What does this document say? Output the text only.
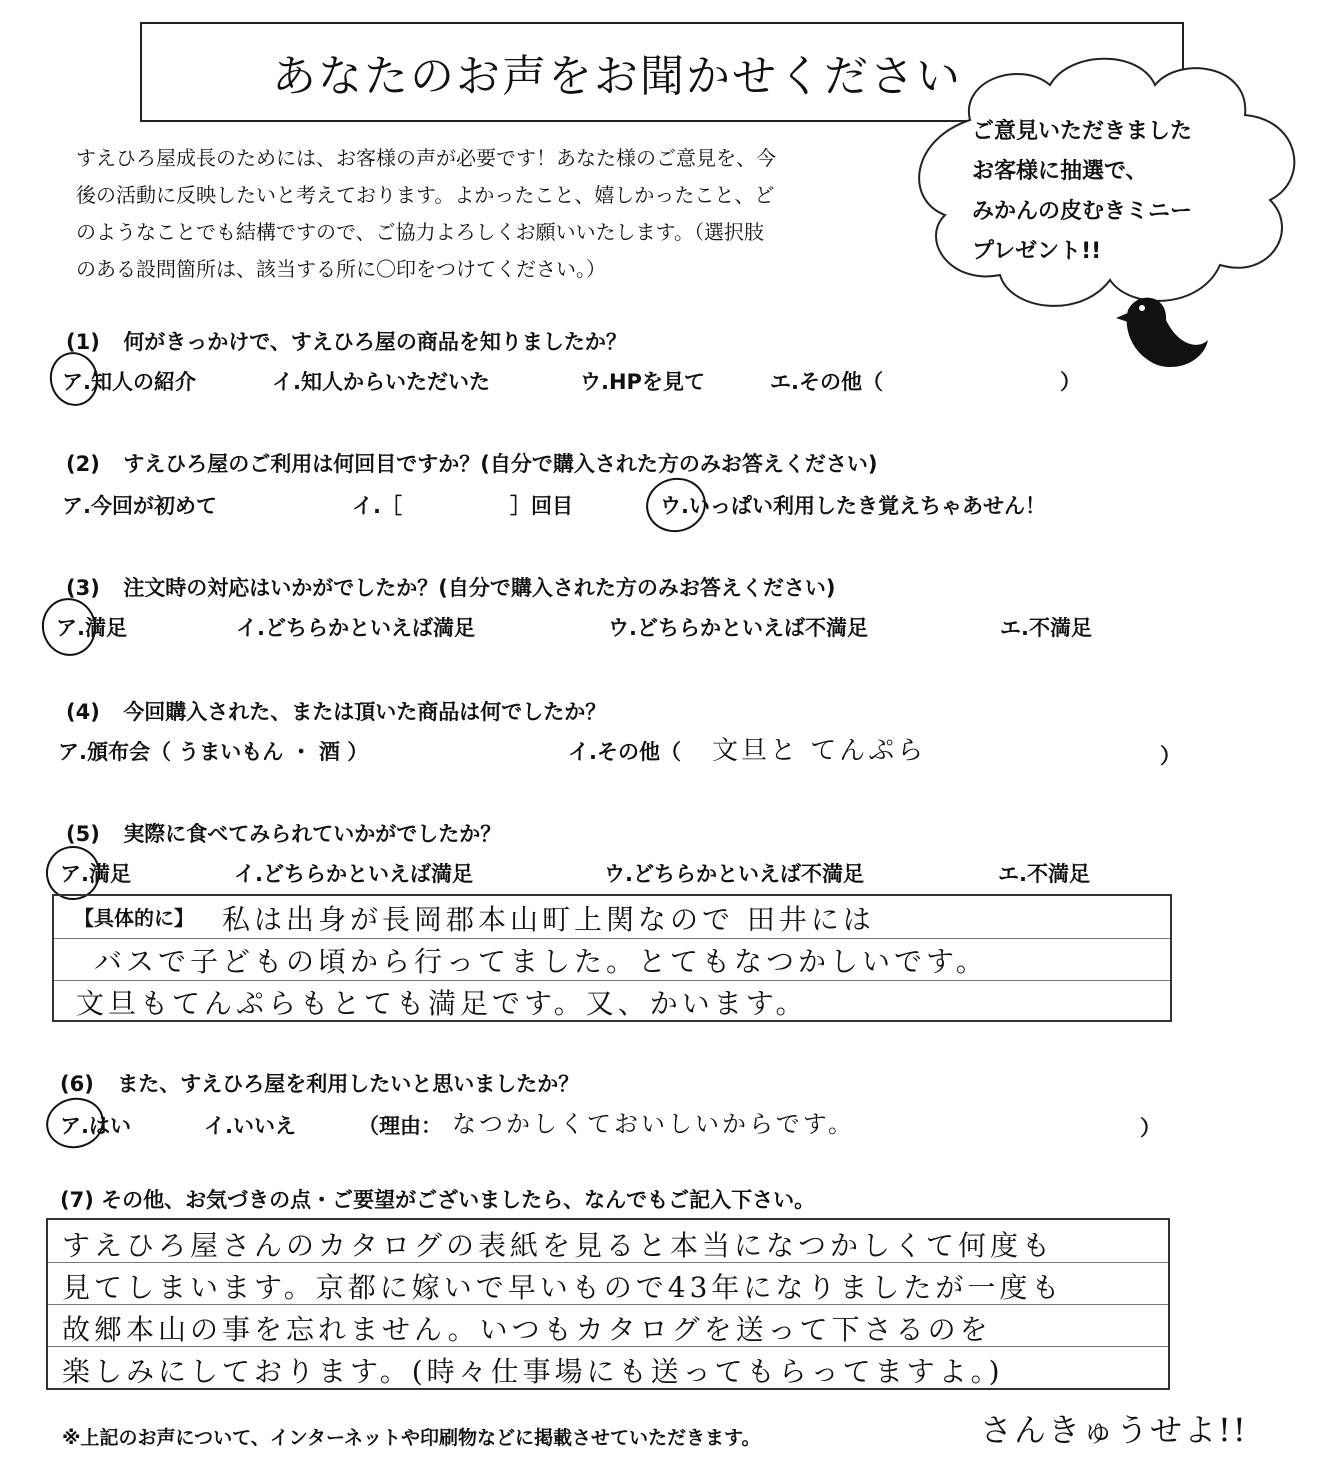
あなたのお声をお聞かせください
すえひろ屋成長のためには、お客様の声が必要です！あなた様のご意見を、今
後の活動に反映したいと考えております。よかったこと、嬉しかったこと、ど
のようなことでも結構ですので、ご協力よろしくお願いいたします。（選択肢
のある設問箇所は、該当する所に〇印をつけてください。）
ご意見いただきました
お客様に抽選で、
みかんの皮むきミニー
プレゼント!!
(1) 何がきっかけで、すえひろ屋の商品を知りましたか？
ア.知人の紹介	イ.知人からいただいた	ウ.HPを見て	エ.その他（	）
(2) すえひろ屋のご利用は何回目ですか？(自分で購入された方のみお答えください)
ア.今回が初めて	イ.［	］回目	ウ.いっぱい利用したき覚えちゃあせん！
(3) 注文時の対応はいかがでしたか？(自分で購入された方のみお答えください)
ア.満足	イ.どちらかといえば満足	ウ.どちらかといえば不満足	エ.不満足
(4) 今回購入された、または頂いた商品は何でしたか？
ア.頒布会（ うまいもん ・ 酒 ）	イ.その他（ 文旦と てんぷら	）
(5) 実際に食べてみられていかがでしたか？
ア.満足	イ.どちらかといえば満足	ウ.どちらかといえば不満足	エ.不満足
【具体的に】 私は出身が長岡郡本山町上関なので 田井には
バスで子どもの頃から行ってました。とてもなつかしいです。
文旦もてんぷらもとても満足です。又、かいます。
(6) また、すえひろ屋を利用したいと思いましたか？
ア.はい	イ.いいえ	（理由： なつかしくておいしいからです。	）
(7) その他、お気づきの点・ご要望がございましたら、なんでもご記入下さい。
すえひろ屋さんのカタログの表紙を見ると本当になつかしくて何度も
見てしまいます。京都に嫁いで早いもので43年になりましたが一度も
故郷本山の事を忘れません。いつもカタログを送って下さるのを
楽しみにしております。(時々仕事場にも送ってもらってますよ。)
※上記のお声について、インターネットや印刷物などに掲載させていただきます。	さんきゅうせよ!!
